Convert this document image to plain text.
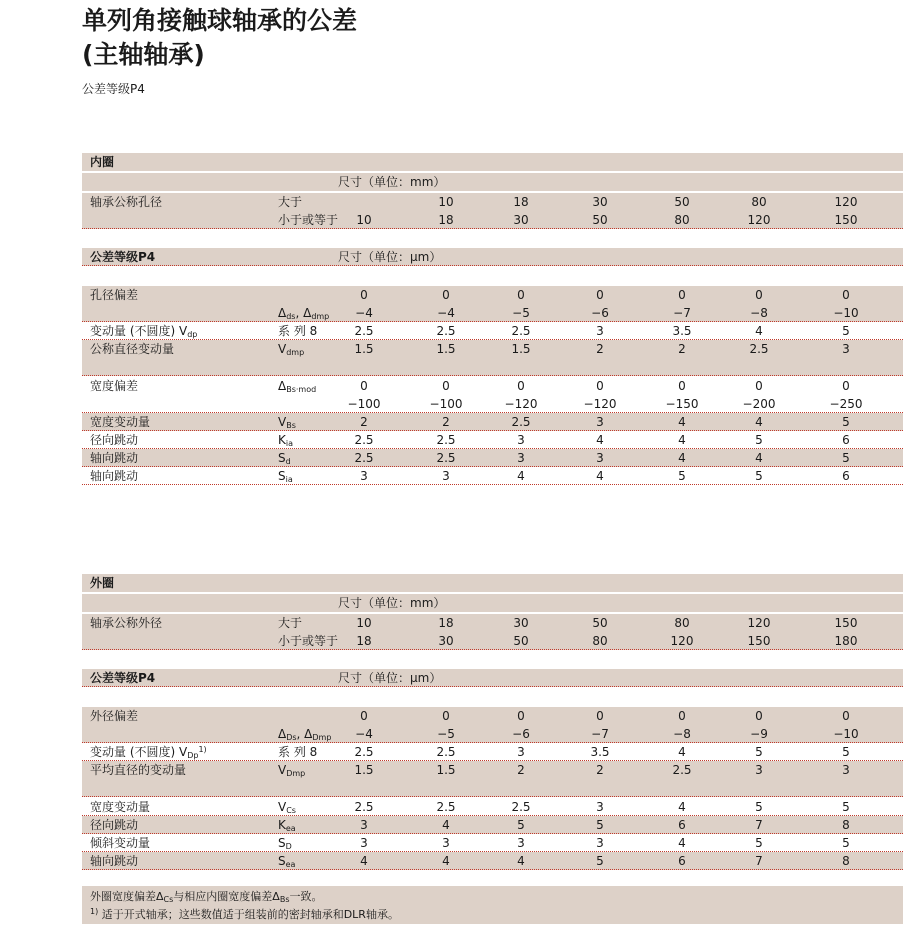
单列角接触球轴承的公差
(主轴轴承)
公差等级P4
内圈
尺寸（单位：mm）
轴承公称孔径	大于	10	18	30	50	80	120
小于或等于	10	18	30	50	80	120	150
公差等级P4	尺寸（单位：μm）
孔径偏差	0	0	0	0	0	0	0
$\Delta_{ds}$, $\Delta_{dmp}$	−4	−4	−5	−6	−7	−8	−10
变动量 (不圆度) $V_{dp}$	系 列 8	2.5	2.5	2.5	3	3.5	4	5
公称直径变动量	$V_{dmp}$	1.5	1.5	1.5	2	2	2.5	3
宽度偏差	$\Delta_{Bs\cdot mod}$	0	0	0	0	0	0	0
−100	−100	−120	−120	−150	−200	−250
宽度变动量	$V_{Bs}$	2	2	2.5	3	4	4	5
径向跳动	$K_{ia}$	2.5	2.5	3	4	4	5	6
轴向跳动	$S_d$	2.5	2.5	3	3	4	4	5
轴向跳动	$S_{ia}$	3	3	4	4	5	5	6
外圈
尺寸（单位：mm）
轴承公称外径	大于	10	18	30	50	80	120	150
小于或等于	18	30	50	80	120	150	180
公差等级P4	尺寸（单位：μm）
外径偏差	0	0	0	0	0	0	0
$\Delta_{Ds}$, $\Delta_{Dmp}$	−4	−5	−6	−7	−8	−9	−10
变动量 (不圆度) $V_{Dp}^{1)}$	系 列 8	2.5	2.5	3	3.5	4	5	5
平均直径的变动量	$V_{Dmp}$	1.5	1.5	2	2	2.5	3	3
宽度变动量	$V_{Cs}$	2.5	2.5	2.5	3	4	5	5
径向跳动	$K_{ea}$	3	4	5	5	6	7	8
倾斜变动量	$S_D$	3	3	3	3	4	5	5
轴向跳动	$S_{ea}$	4	4	4	5	6	7	8
外圈宽度偏差$\Delta_{Cs}$与相应内圈宽度偏差$\Delta_{Bs}$一致。
$^{1)}$ 适于开式轴承；这些数值适于组装前的密封轴承和DLR轴承。
